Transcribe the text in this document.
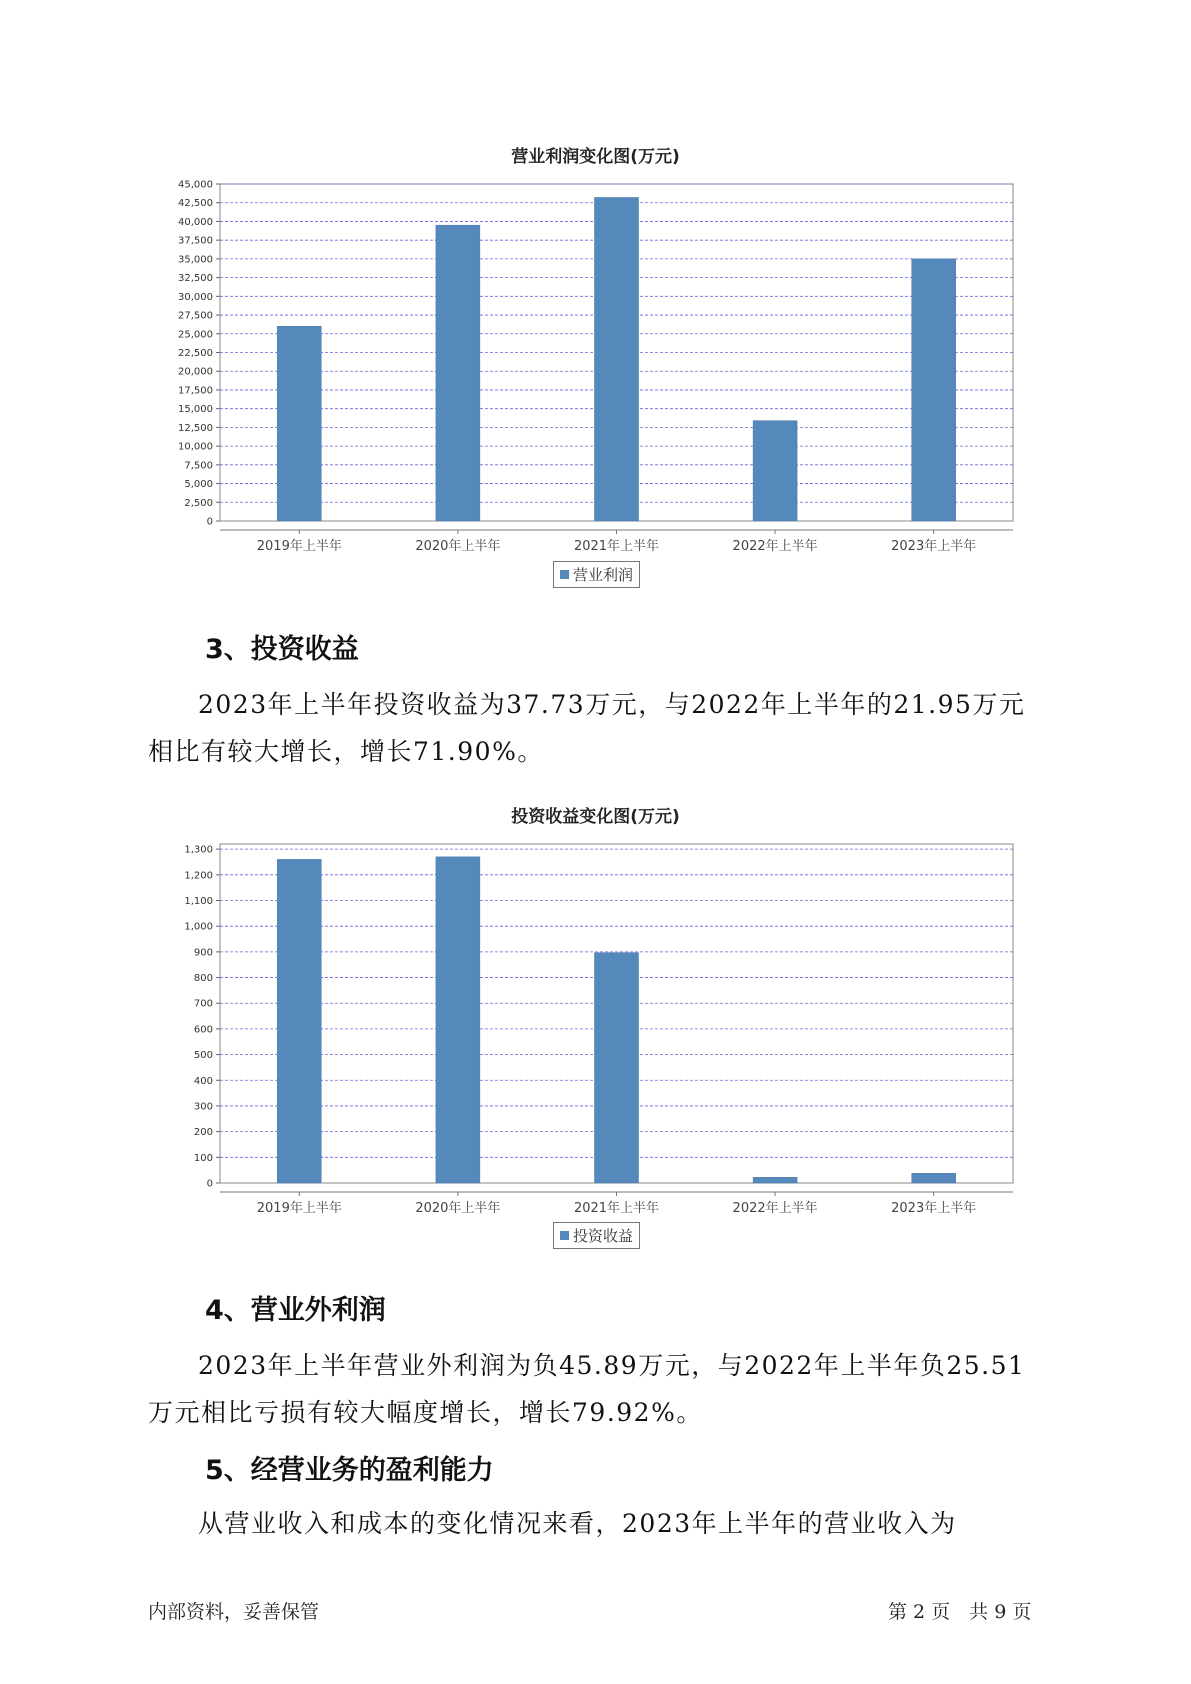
营业利润变化图(万元)
0
2,500
5,000
7,500
10,000
12,500
15,000
17,500
20,000
22,500
25,000
27,500
30,000
32,500
35,000
37,500
40,000
42,500
45,000
2019年上半年	2020年上半年	2021年上半年	2022年上半年	2023年上半年
营业利润
3、投资收益

2023年上半年投资收益为37.73万元，与2022年上半年的21.95万元相比有较大增长，增长71.90%。

投资收益变化图(万元)
0
100
200
300
400
500
600
700
800
900
1,000
1,100
1,200
1,300
2019年上半年	2020年上半年	2021年上半年	2022年上半年	2023年上半年
投资收益
4、营业外利润

2023年上半年营业外利润为负45.89万元，与2022年上半年负25.51万元相比亏损有较大幅度增长，增长79.92%。

5、经营业务的盈利能力

从营业收入和成本的变化情况来看，2023年上半年的营业收入为

内部资料，妥善保管	第 2 页　共 9 页
